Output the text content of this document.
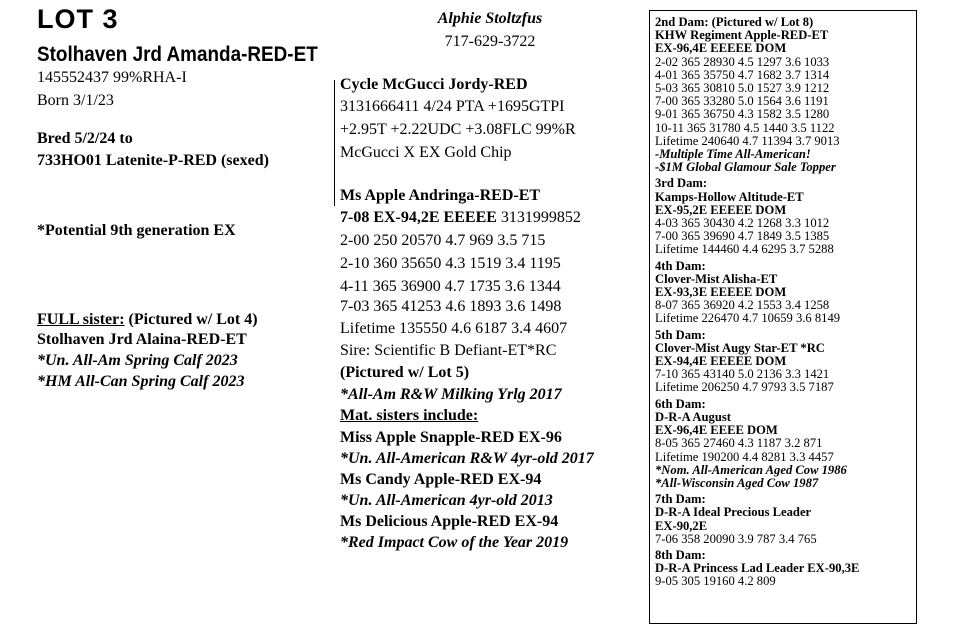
LOT 3
Stolhaven Jrd Amanda-RED-ET
145552437 99%RHA-I
Born 3/1/23
Bred 5/2/24 to
733HO01 Latenite-P-RED (sexed)
*Potential 9th generation EX
FULL sister: (Pictured w/ Lot 4)
Stolhaven Jrd Alaina-RED-ET
*Un. All-Am Spring Calf 2023
*HM All-Can Spring Calf 2023
Alphie Stoltzfus
717-629-3722
Cycle McGucci Jordy-RED
3131666411 4/24 PTA +1695GTPI
+2.95T +2.22UDC +3.08FLC 99%R
McGucci X EX Gold Chip
Ms Apple Andringa-RED-ET
7-08 EX-94,2E EEEEE 3131999852
2-00 250 20570 4.7 969 3.5 715
2-10 360 35650 4.3 1519 3.4 1195
4-11 365 36900 4.7 1735 3.6 1344
7-03 365 41253 4.6 1893 3.6 1498
Lifetime 135550 4.6 6187 3.4 4607
Sire: Scientific B Defiant-ET*RC
(Pictured w/ Lot 5)
*All-Am R&W Milking Yrlg 2017
Mat. sisters include:
Miss Apple Snapple-RED EX-96
*Un. All-American R&W 4yr-old 2017
Ms Candy Apple-RED EX-94
*Un. All-American 4yr-old 2013
Ms Delicious Apple-RED EX-94
*Red Impact Cow of the Year 2019
2nd Dam: (Pictured w/ Lot 8)
KHW Regiment Apple-RED-ET
EX-96,4E EEEEE DOM
2-02 365 28930 4.5 1297 3.6 1033
4-01 365 35750 4.7 1682 3.7 1314
5-03 365 30810 5.0 1527 3.9 1212
7-00 365 33280 5.0 1564 3.6 1191
9-01 365 36750 4.3 1582 3.5 1280
10-11 365 31780 4.5 1440 3.5 1122
Lifetime 240640 4.7 11394 3.7 9013
-Multiple Time All-American!
-$1M Global Glamour Sale Topper
3rd Dam:
Kamps-Hollow Altitude-ET
EX-95,2E EEEEE DOM
4-03 365 30430 4.2 1268 3.3 1012
7-00 365 39690 4.7 1849 3.5 1385
Lifetime 144460 4.4 6295 3.7 5288
4th Dam:
Clover-Mist Alisha-ET
EX-93,3E EEEEE DOM
8-07 365 36920 4.2 1553 3.4 1258
Lifetime 226470 4.7 10659 3.6 8149
5th Dam:
Clover-Mist Augy Star-ET *RC
EX-94,4E EEEEE DOM
7-10 365 43140 5.0 2136 3.3 1421
Lifetime 206250 4.7 9793 3.5 7187
6th Dam:
D-R-A August
EX-96,4E EEEE DOM
8-05 365 27460 4.3 1187 3.2 871
Lifetime 190200 4.4 8281 3.3 4457
*Nom. All-American Aged Cow 1986
*All-Wisconsin Aged Cow 1987
7th Dam:
D-R-A Ideal Precious Leader
EX-90,2E
7-06 358 20090 3.9 787 3.4 765
8th Dam:
D-R-A Princess Lad Leader EX-90,3E
9-05 305 19160 4.2 809
